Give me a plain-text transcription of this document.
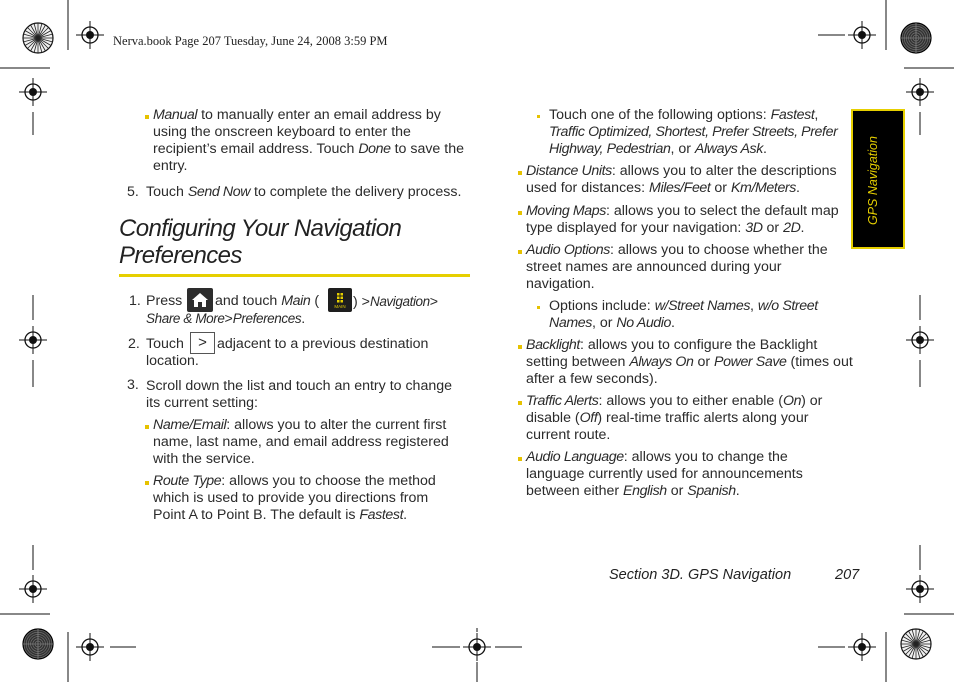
Nerva.book Page 207 Tuesday, June 24, 2008 3:59 PM
GPS Navigation
Manual to manually enter an email address by
using the onscreen keyboard to enter the
recipient’s email address. Touch Done to save the
entry.
5. Touch Send Now to complete the delivery process.
Configuring Your Navigation
Preferences
1. Press and touch Main (	MAIN ) >Navigation>
Share & More>Preferences.
2. Touch > adjacent to a previous destination
location.
3. Scroll down the list and touch an entry to change
its current setting:
Name/Email: allows you to alter the current first
name, last name, and email address registered
with the service.
Route Type: allows you to choose the method
which is used to provide you directions from
Point A to Point B. The default is Fastest.
Touch one of the following options: Fastest,
Traffic Optimized, Shortest, Prefer Streets, Prefer
Highway, Pedestrian, or Always Ask.
Distance Units: allows you to alter the descriptions
used for distances: Miles/Feet or Km/Meters.
Moving Maps: allows you to select the default map
type displayed for your navigation: 3D or 2D.
Audio Options: allows you to choose whether the
street names are announced during your
navigation.
Options include: w/Street Names, w/o Street
Names, or No Audio.
Backlight: allows you to configure the Backlight
setting between Always On or Power Save (times out
after a few seconds).
Traffic Alerts: allows you to either enable (On) or
disable (Off) real-time traffic alerts along your
current route.
Audio Language: allows you to change the
language currently used for announcements
between either English or Spanish.
Section 3D. GPS Navigation	207
